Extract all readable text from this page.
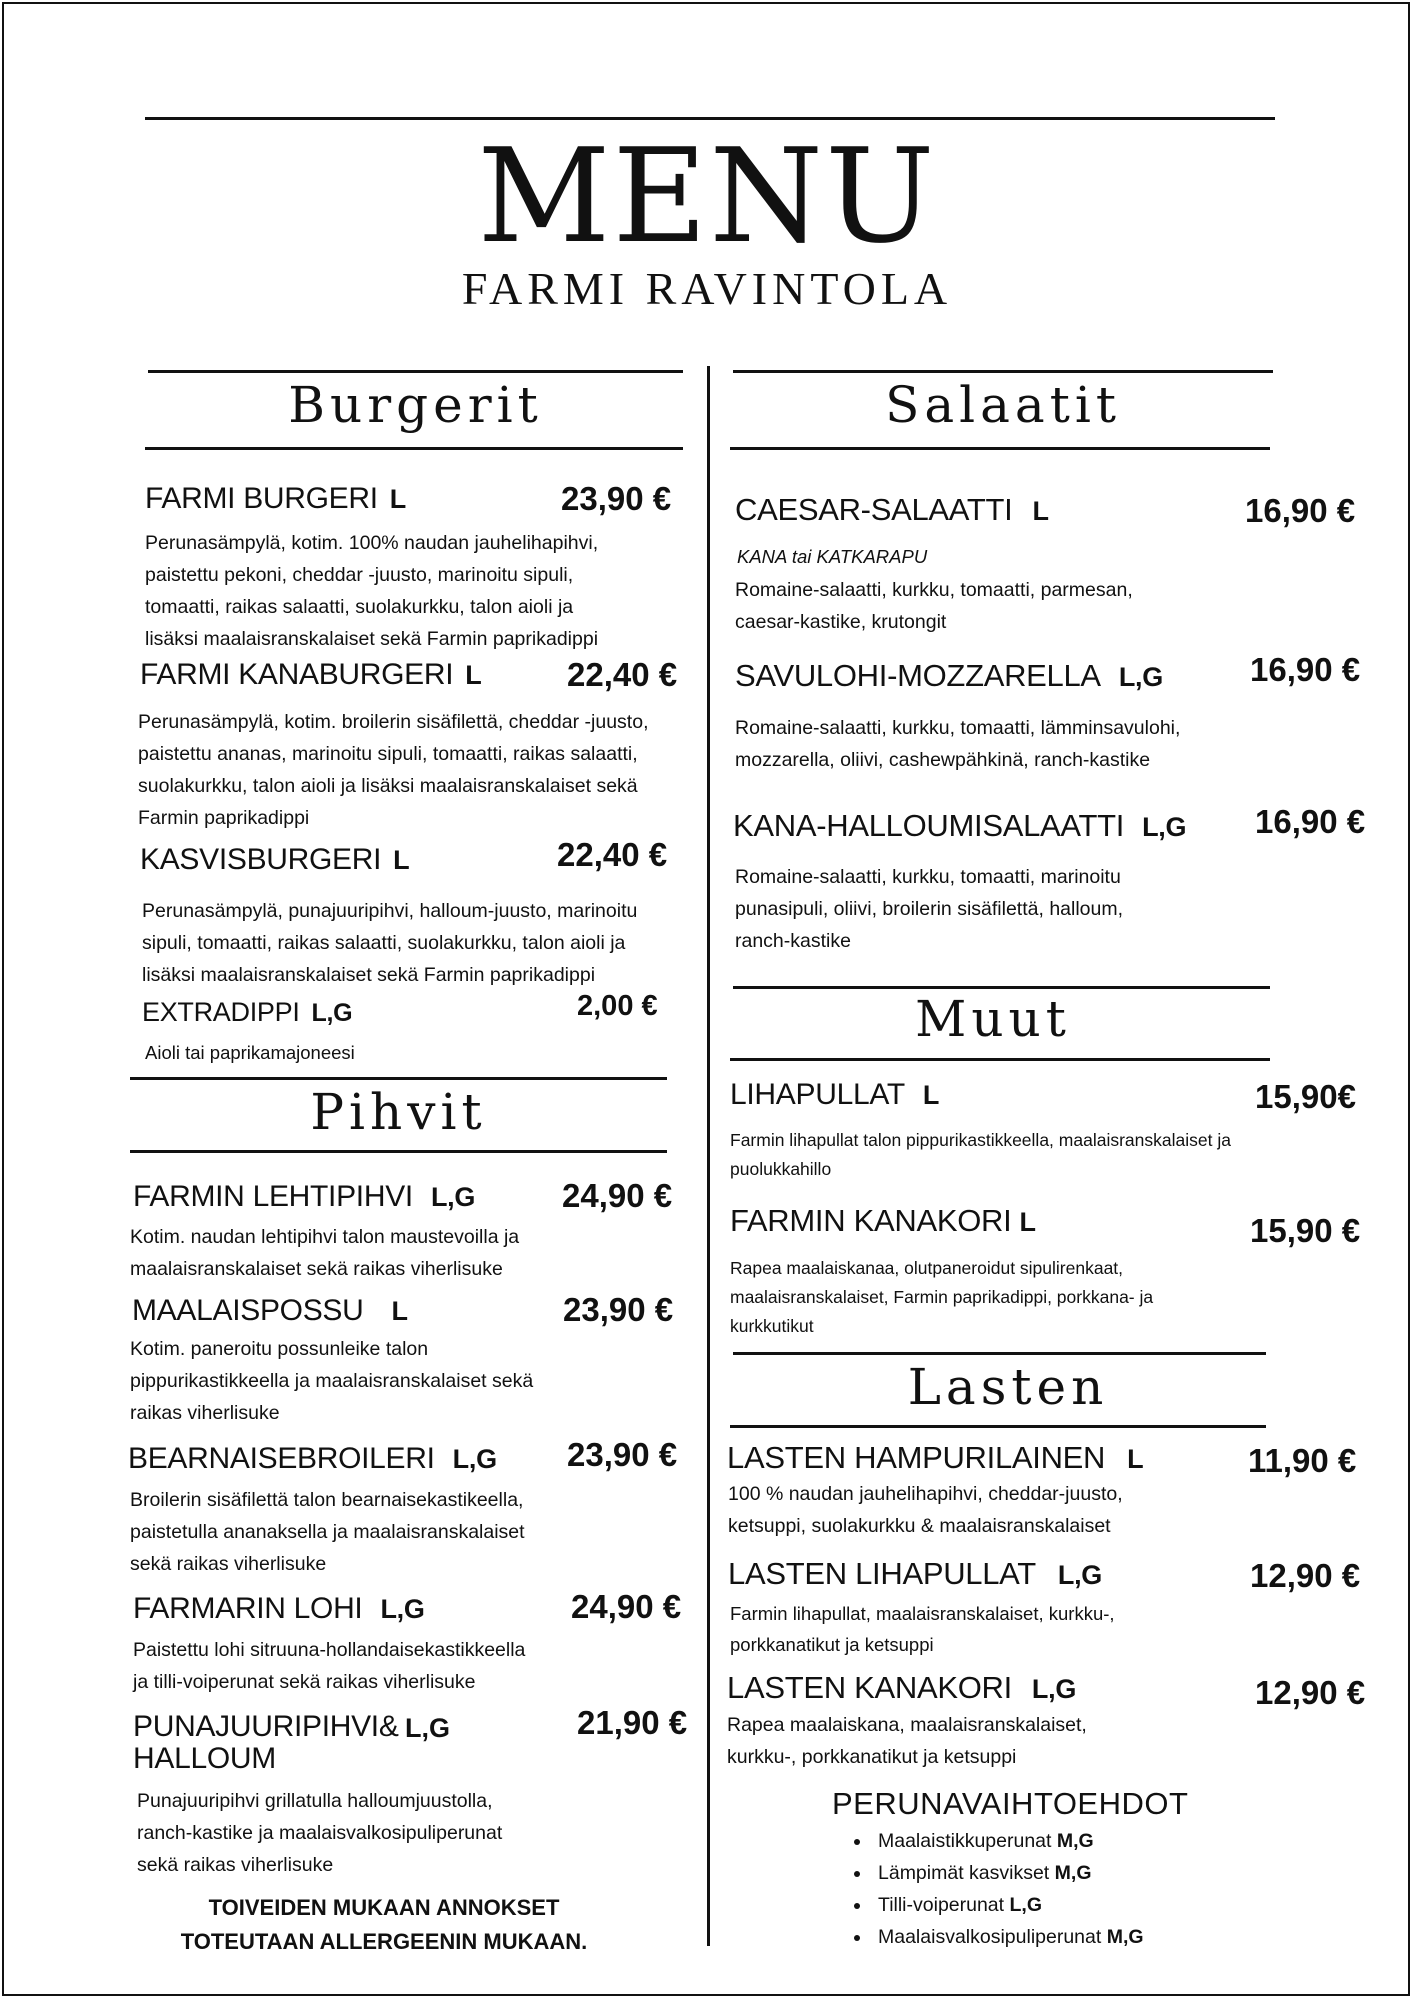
MENU
FARMI RAVINTOLA
Burgerit
FARMI BURGERI L	23,90 €
Perunasämpylä, kotim. 100% naudan jauhelihapihvi,
paistettu pekoni, cheddar -juusto, marinoitu sipuli,
tomaatti, raikas salaatti, suolakurkku, talon aioli ja
lisäksi maalaisranskalaiset sekä Farmin paprikadippi
FARMI KANABURGERI L	22,40 €
Perunasämpylä, kotim. broilerin sisäfilettä, cheddar -juusto,
paistettu ananas, marinoitu sipuli, tomaatti, raikas salaatti,
suolakurkku, talon aioli ja lisäksi maalaisranskalaiset sekä
Farmin paprikadippi
KASVISBURGERI L	22,40 €
Perunasämpylä, punajuuripihvi, halloum-juusto, marinoitu
sipuli, tomaatti, raikas salaatti, suolakurkku, talon aioli ja
lisäksi maalaisranskalaiset sekä Farmin paprikadippi
EXTRADIPPI L,G	2,00 €
Aioli tai paprikamajoneesi
Pihvit
FARMIN LEHTIPIHVI L,G	24,90 €
Kotim. naudan lehtipihvi talon maustevoilla ja
maalaisranskalaiset sekä raikas viherlisuke
MAALAISPOSSU L	23,90 €
Kotim. paneroitu possunleike talon
pippurikastikkeella ja maalaisranskalaiset sekä
raikas viherlisuke
BEARNAISEBROILERI L,G 23,90 €
Broilerin sisäfilettä talon bearnaisekastikeella,
paistetulla ananaksella ja maalaisranskalaiset
sekä raikas viherlisuke
FARMARIN LOHI L,G	24,90 €
Paistettu lohi sitruuna-hollandaisekastikkeella
ja tilli-voiperunat sekä raikas viherlisuke
PUNAJUURIPIHVI&
HALLOUM
L,G	21,90 €
Punajuuripihvi grillatulla halloumjuustolla,
ranch-kastike ja maalaisvalkosipuliperunat
sekä raikas viherlisuke
TOIVEIDEN MUKAAN ANNOKSET
TOTEUTAAN ALLERGEENIN MUKAAN.
Salaatit
CAESAR-SALAATTI L	16,90 €
KANA tai KATKARAPU
Romaine-salaatti, kurkku, tomaatti, parmesan,
caesar-kastike, krutongit
SAVULOHI-MOZZARELLA L,G	16,90 €
Romaine-salaatti, kurkku, tomaatti, lämminsavulohi,
mozzarella, oliivi, cashewpähkinä, ranch-kastike
KANA-HALLOUMISALAATTI L,G 16,90 €
Romaine-salaatti, kurkku, tomaatti, marinoitu
punasipuli, oliivi, broilerin sisäfilettä, halloum,
ranch-kastike
Muut
LIHAPULLAT L	15,90€
Farmin lihapullat talon pippurikastikkeella, maalaisranskalaiset ja
puolukkahillo
FARMIN KANAKORI L	15,90 €
Rapea maalaiskanaa, olutpaneroidut sipulirenkaat,
maalaisranskalaiset, Farmin paprikadippi, porkkana- ja
kurkkutikut
Lasten
LASTEN HAMPURILAINEN L	11,90 €
100 % naudan jauhelihapihvi, cheddar-juusto,
ketsuppi, suolakurkku & maalaisranskalaiset
LASTEN LIHAPULLAT L,G	12,90 €
Farmin lihapullat, maalaisranskalaiset, kurkku-,
porkkanatikut ja ketsuppi
LASTEN KANAKORI L,G	12,90 €
Rapea maalaiskana, maalaisranskalaiset,
kurkku-, porkkanatikut ja ketsuppi
PERUNAVAIHTOEHDOT
• Maalaistikkuperunat M,G
• Lämpimät kasvikset M,G
• Tilli-voiperunat L,G
• Maalaisvalkosipuliperunat M,G
